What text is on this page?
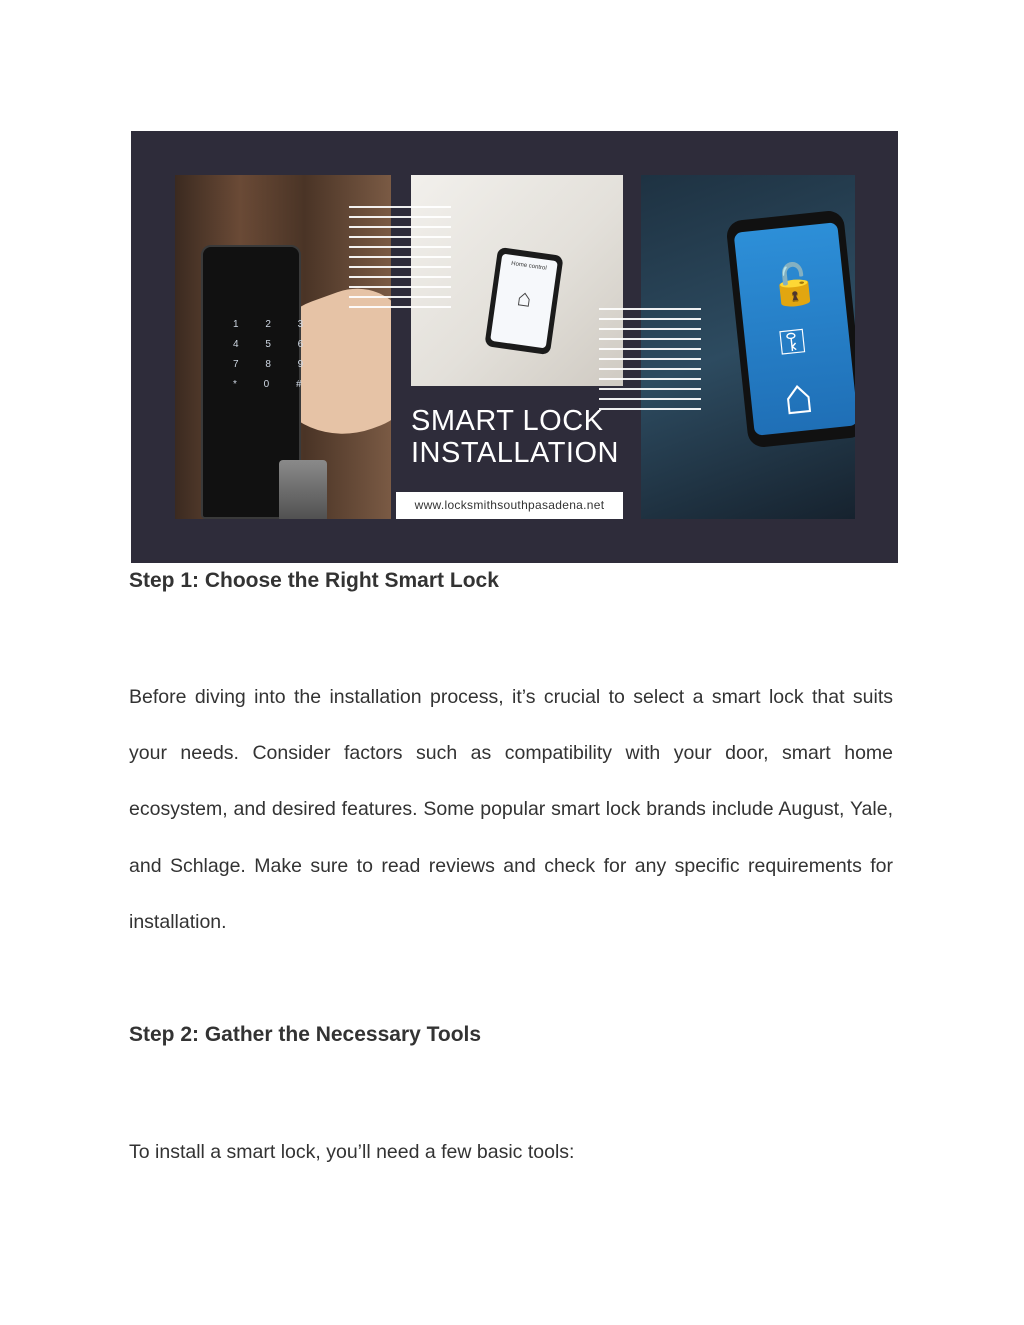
1 2 3
4 5 6
7 8 9
* 0 #
Home control
⌂	🔓
⚿
⌂
SMART LOCK
INSTALLATION
www.locksmithsouthpasadena.net
Step 1: Choose the Right Smart Lock

Before diving into the installation process, it’s crucial to select a smart lock that suits your needs. Consider factors such as compatibility with your door, smart home ecosystem, and desired features. Some popular smart lock brands include August, Yale, and Schlage. Make sure to read reviews and check for any specific requirements for installation.

Step 2: Gather the Necessary Tools

To install a smart lock, you’ll need a few basic tools:
